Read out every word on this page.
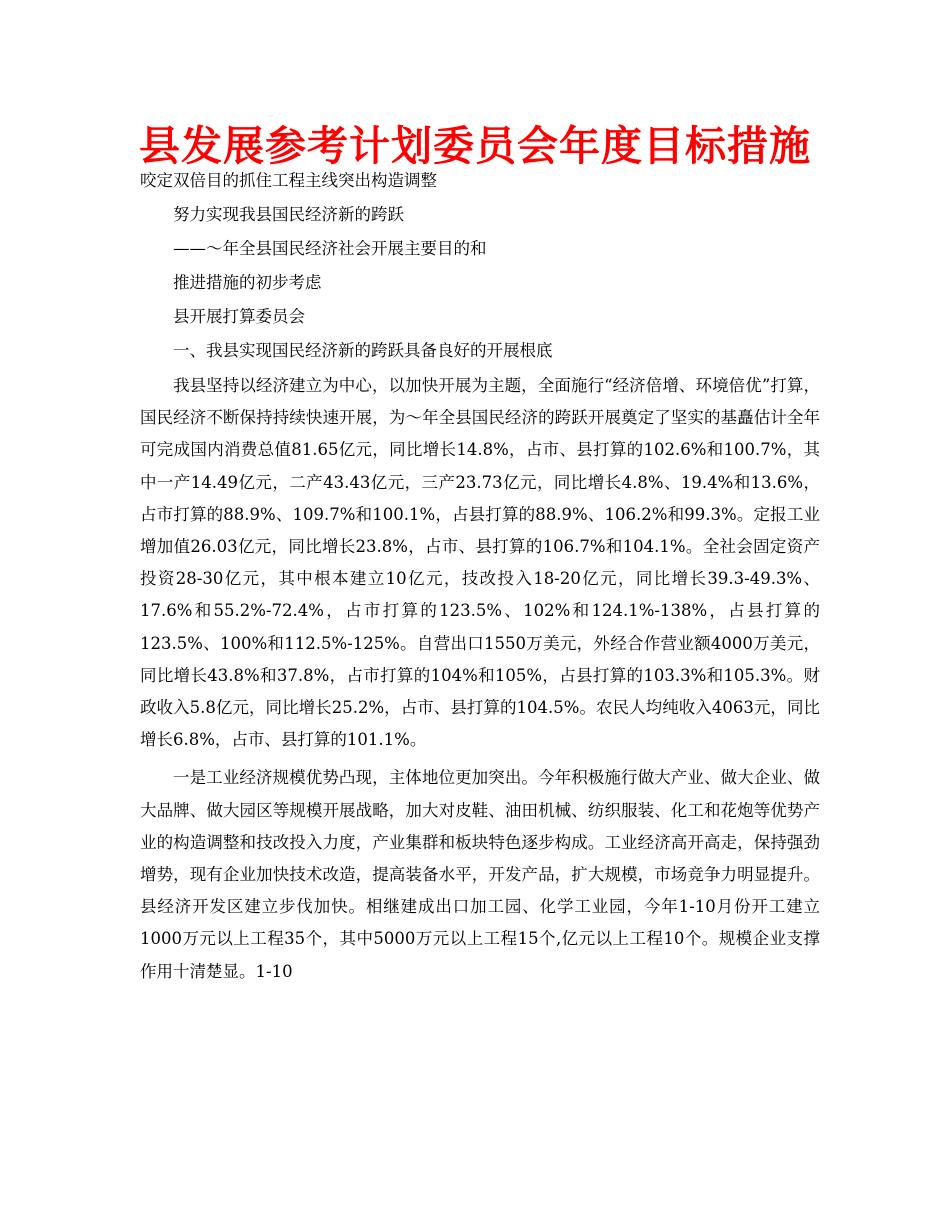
县发展参考计划委员会年度目标措施
咬定双倍目的抓住工程主线突出构造调整
努力实现我县国民经济新的跨跃
——～年全县国民经济社会开展主要目的和
推进措施的初步考虑
县开展打算委员会
一、我县实现国民经济新的跨跃具备良好的开展根底

我县坚持以经济建立为中心，以加快开展为主题，全面施行“经济倍增、环境倍优”打算，国民经济不断保持持续快速开展，为～年全县国民经济的跨跃开展奠定了坚实的基矗估计全年可完成国内消费总值81.65亿元，同比增长14.8%，占市、县打算的102.6%和100.7%，其中一产14.49亿元，二产43.43亿元，三产23.73亿元，同比增长4.8%、19.4%和13.6%，占市打算的88.9%、109.7%和100.1%，占县打算的88.9%、106.2%和99.3%。定报工业增加值26.03亿元，同比增长23.8%，占市、县打算的106.7%和104.1%。全社会固定资产投资28-30亿元，其中根本建立10亿元，技改投入18-20亿元，同比增长39.3-49.3%、17.6%和55.2%-72.4%，占市打算的123.5%、102%和124.1%-138%，占县打算的123.5%、100%和112.5%-125%。自营出口1550万美元，外经合作营业额4000万美元，同比增长43.8%和37.8%，占市打算的104%和105%，占县打算的103.3%和105.3%。财政收入5.8亿元，同比增长25.2%，占市、县打算的104.5%。农民人均纯收入4063元，同比增长6.8%，占市、县打算的101.1%。

一是工业经济规模优势凸现，主体地位更加突出。今年积极施行做大产业、做大企业、做大品牌、做大园区等规模开展战略，加大对皮鞋、油田机械、纺织服装、化工和花炮等优势产业的构造调整和技改投入力度，产业集群和板块特色逐步构成。工业经济高开高走，保持强劲增势，现有企业加快技术改造，提高装备水平，开发产品，扩大规模，市场竞争力明显提升。县经济开发区建立步伐加快。相继建成出口加工园、化学工业园，今年1-10月份开工建立1000万元以上工程35个，其中5000万元以上工程15个,亿元以上工程10个。规模企业支撑作用十清楚显。1-10
